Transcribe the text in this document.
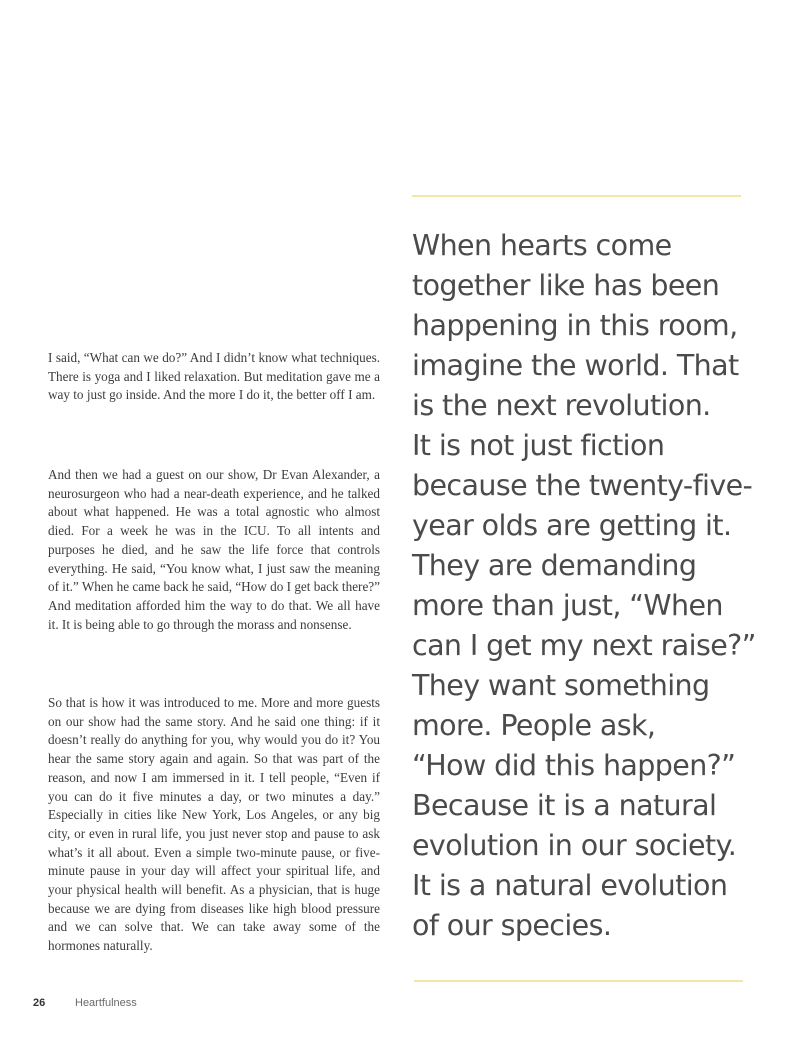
I said, “What can we do?” And I didn’t know what techniques. There is yoga and I liked relaxation. But meditation gave me a way to just go inside. And the more I do it, the better off I am.

And then we had a guest on our show, Dr Evan Alexander, a neurosurgeon who had a near-death experience, and he talked about what happened. He was a total agnostic who almost died. For a week he was in the ICU. To all intents and purposes he died, and he saw the life force that controls everything. He said, “You know what, I just saw the meaning of it.” When he came back he said, “How do I get back there?” And meditation afforded him the way to do that. We all have it. It is being able to go through the morass and nonsense.

So that is how it was introduced to me. More and more guests on our show had the same story. And he said one thing: if it doesn’t really do anything for you, why would you do it? You hear the same story again and again. So that was part of the reason, and now I am immersed in it. I tell people, “Even if you can do it five minutes a day, or two minutes a day.” Especially in cities like New York, Los Angeles, or any big city, or even in rural life, you just never stop and pause to ask what’s it all about. Even a simple two-minute pause, or five-minute pause in your day will affect your spiritual life, and your physical health will benefit. As a physician, that is huge because we are dying from diseases like high blood pressure and we can solve that. We can take away some of the hormones naturally.

When hearts come
together like has been
happening in this room,
imagine the world. That
is the next revolution.
It is not just fiction
because the twenty-five-
year olds are getting it.
They are demanding
more than just, “When
can I get my next raise?”
They want something
more. People ask,
“How did this happen?”
Because it is a natural
evolution in our society.
It is a natural evolution
of our species.
26	Heartfulness
